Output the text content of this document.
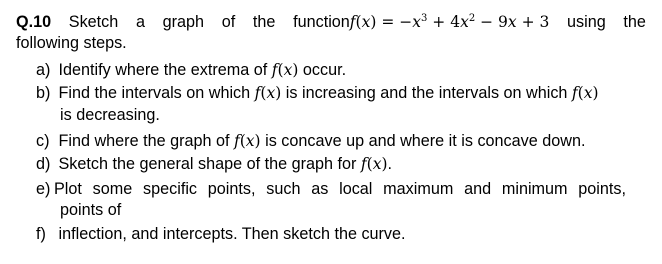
Q.10 Sketch a graph of the functionf(x) = $-x^3 + 4x^2 - 9x + 3$ using the
following steps.
a) Identify where the extrema of f(x) occur.
b) Find the intervals on which f(x) is increasing and the intervals on which f(x)
is decreasing.
c) Find where the graph of f(x) is concave up and where it is concave down.
d) Sketch the general shape of the graph for f(x).
e) Plot some specific points, such as local maximum and minimum points,
points of
f) inflection, and intercepts. Then sketch the curve.
